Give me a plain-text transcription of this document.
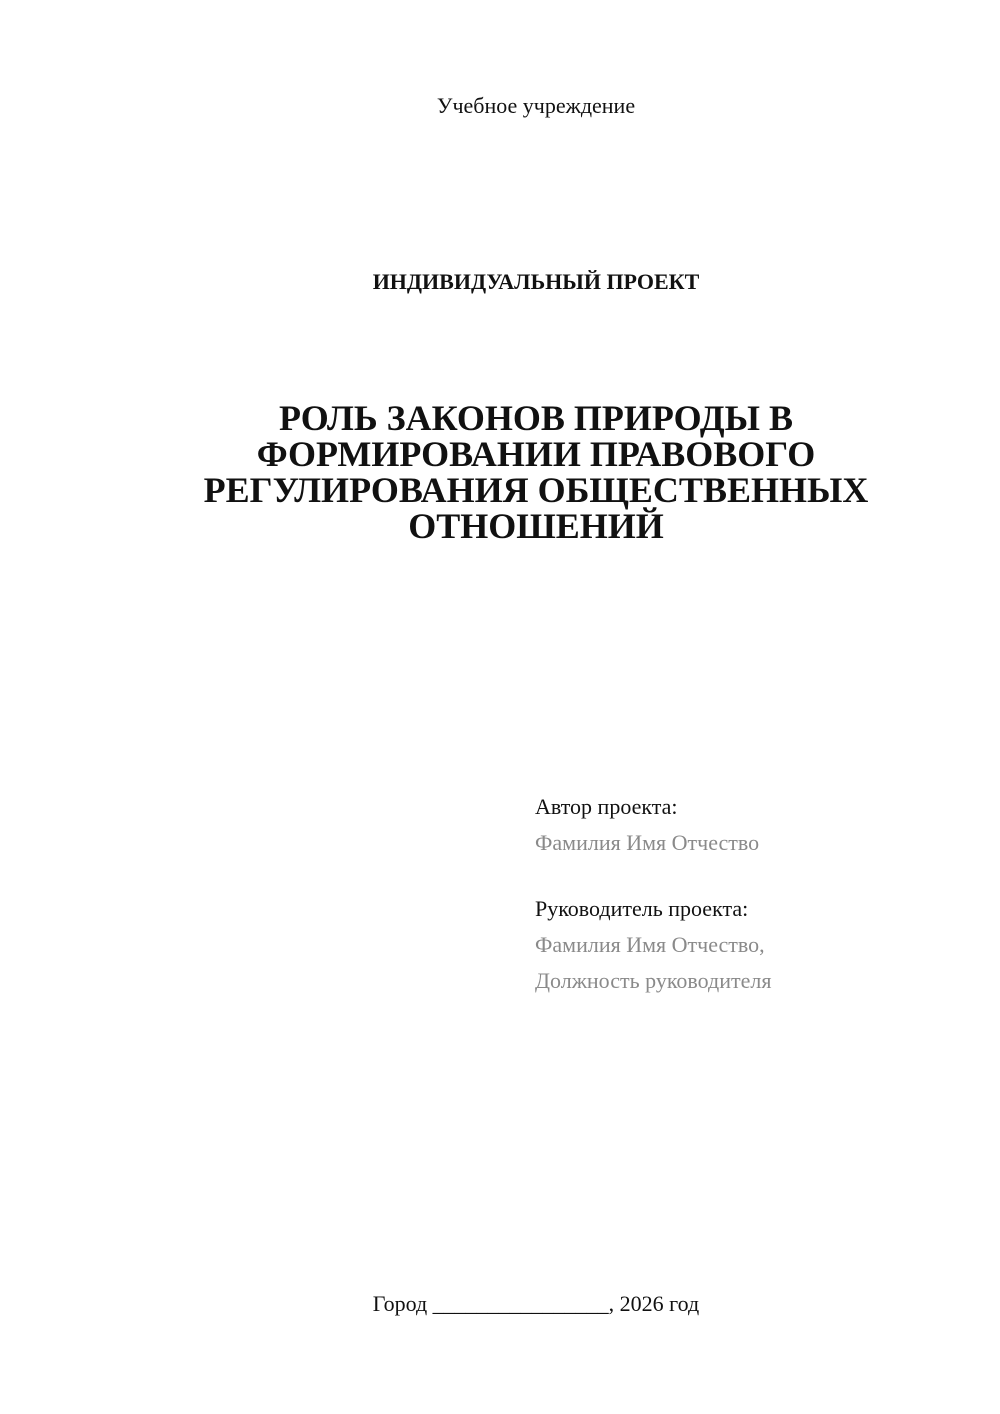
Учебное учреждение
ИНДИВИДУАЛЬНЫЙ ПРОЕКТ
РОЛЬ ЗАКОНОВ ПРИРОДЫ В
ФОРМИРОВАНИИ ПРАВОВОГО
РЕГУЛИРОВАНИЯ ОБЩЕСТВЕННЫХ
ОТНОШЕНИЙ
Автор проекта:
Фамилия Имя Отчество
Руководитель проекта:
Фамилия Имя Отчество,
Должность руководителя
Город ________________, 2026 год
